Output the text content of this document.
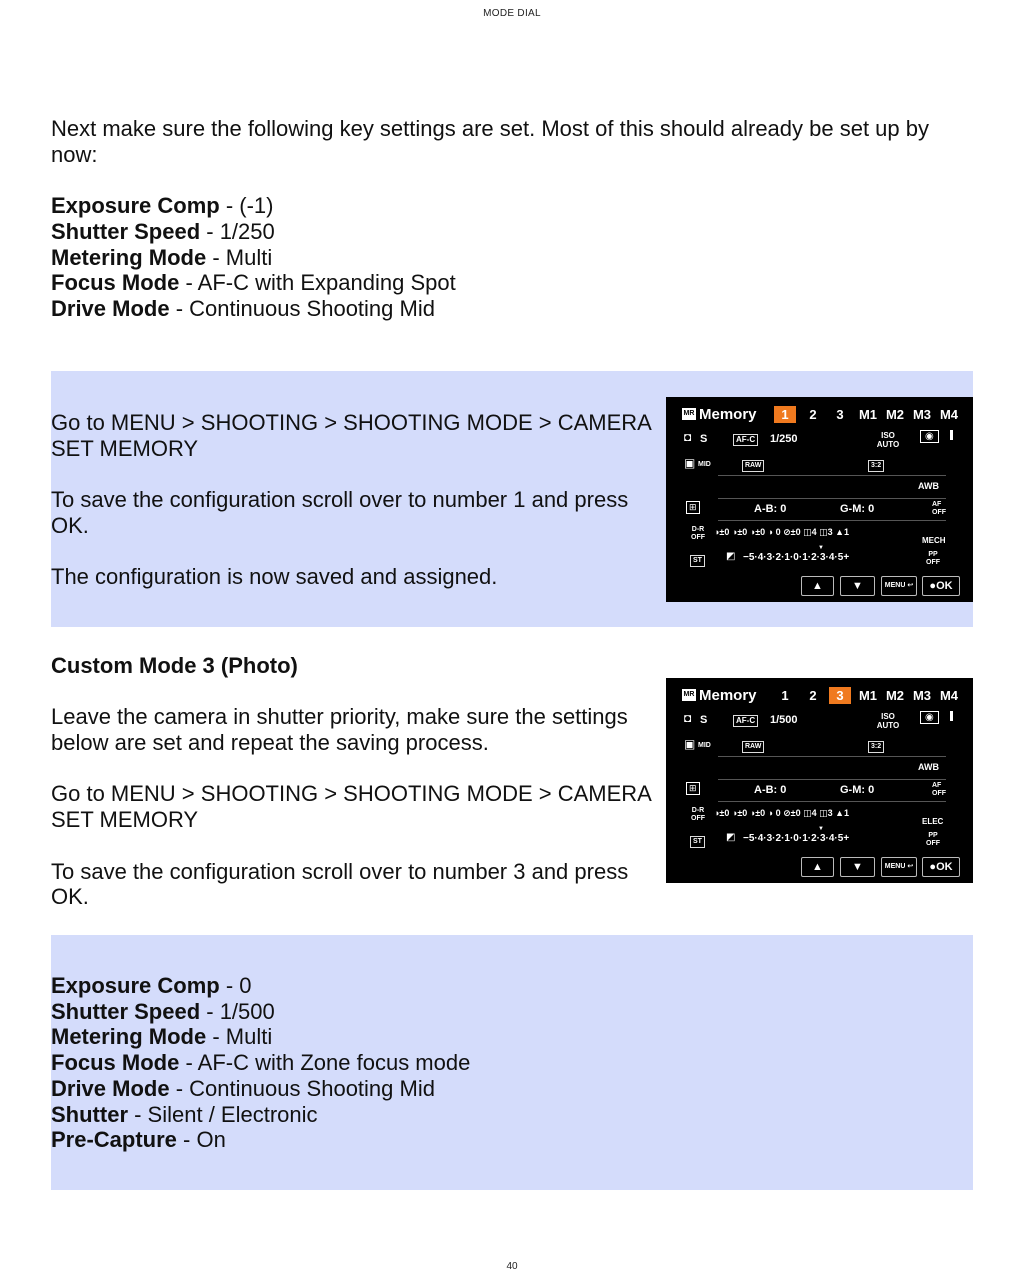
MODE DIAL

Next make sure the following key settings are set. Most of this should already be set up by now:

Exposure Comp - (-1)

Shutter Speed - 1/250

Metering Mode - Multi

Focus Mode - AF-C with Expanding Spot

Drive Mode - Continuous Shooting Mid

Go to MENU > SHOOTING > SHOOTING MODE > CAMERA SET MEMORY

To save the configuration scroll over to number 1 and press OK.

The configuration is now saved and assigned.

Custom Mode 3 (Photo)

Leave the camera in shutter priority, make sure the settings below are set and repeat the saving process.

Go to MENU > SHOOTING > SHOOTING MODE > CAMERA SET MEMORY

To save the configuration scroll over to number 3 and press OK.

Exposure Comp - 0

Shutter Speed - 1/500

Metering Mode - Multi

Focus Mode - AF-C with Zone focus mode

Drive Mode - Continuous Shooting Mid

Shutter - Silent / Electronic

Pre-Capture - On

MR Memory	1	2	3	M1 M2 M3 M4
◘ S	AF-C 1/250	ISO AUTO
◉
▣ MID	RAW	3:2
AWB
⊞	A-B: 0	G-M: 0	AF OFF
D-R OFF
◑±0 ◑±0 ◑±0 ◑ 0 ⊘±0 ◫4 ◫3 ▲1
MECH
ST	◩ −5·4·3·2·1·0·1·2·3·4·5+
▼
PP OFF
▲	▼	MENU ↩	●OK
MR Memory	1	2	3	M1 M2 M3 M4
◘ S	AF-C 1/500	ISO AUTO
◉
▣ MID	RAW	3:2
AWB
⊞	A-B: 0	G-M: 0	AF OFF
D-R OFF
◑±0 ◑±0 ◑±0 ◑ 0 ⊘±0 ◫4 ◫3 ▲1
ELEC
ST	◩ −5·4·3·2·1·0·1·2·3·4·5+
▼
PP OFF
▲	▼	MENU ↩	●OK
40
